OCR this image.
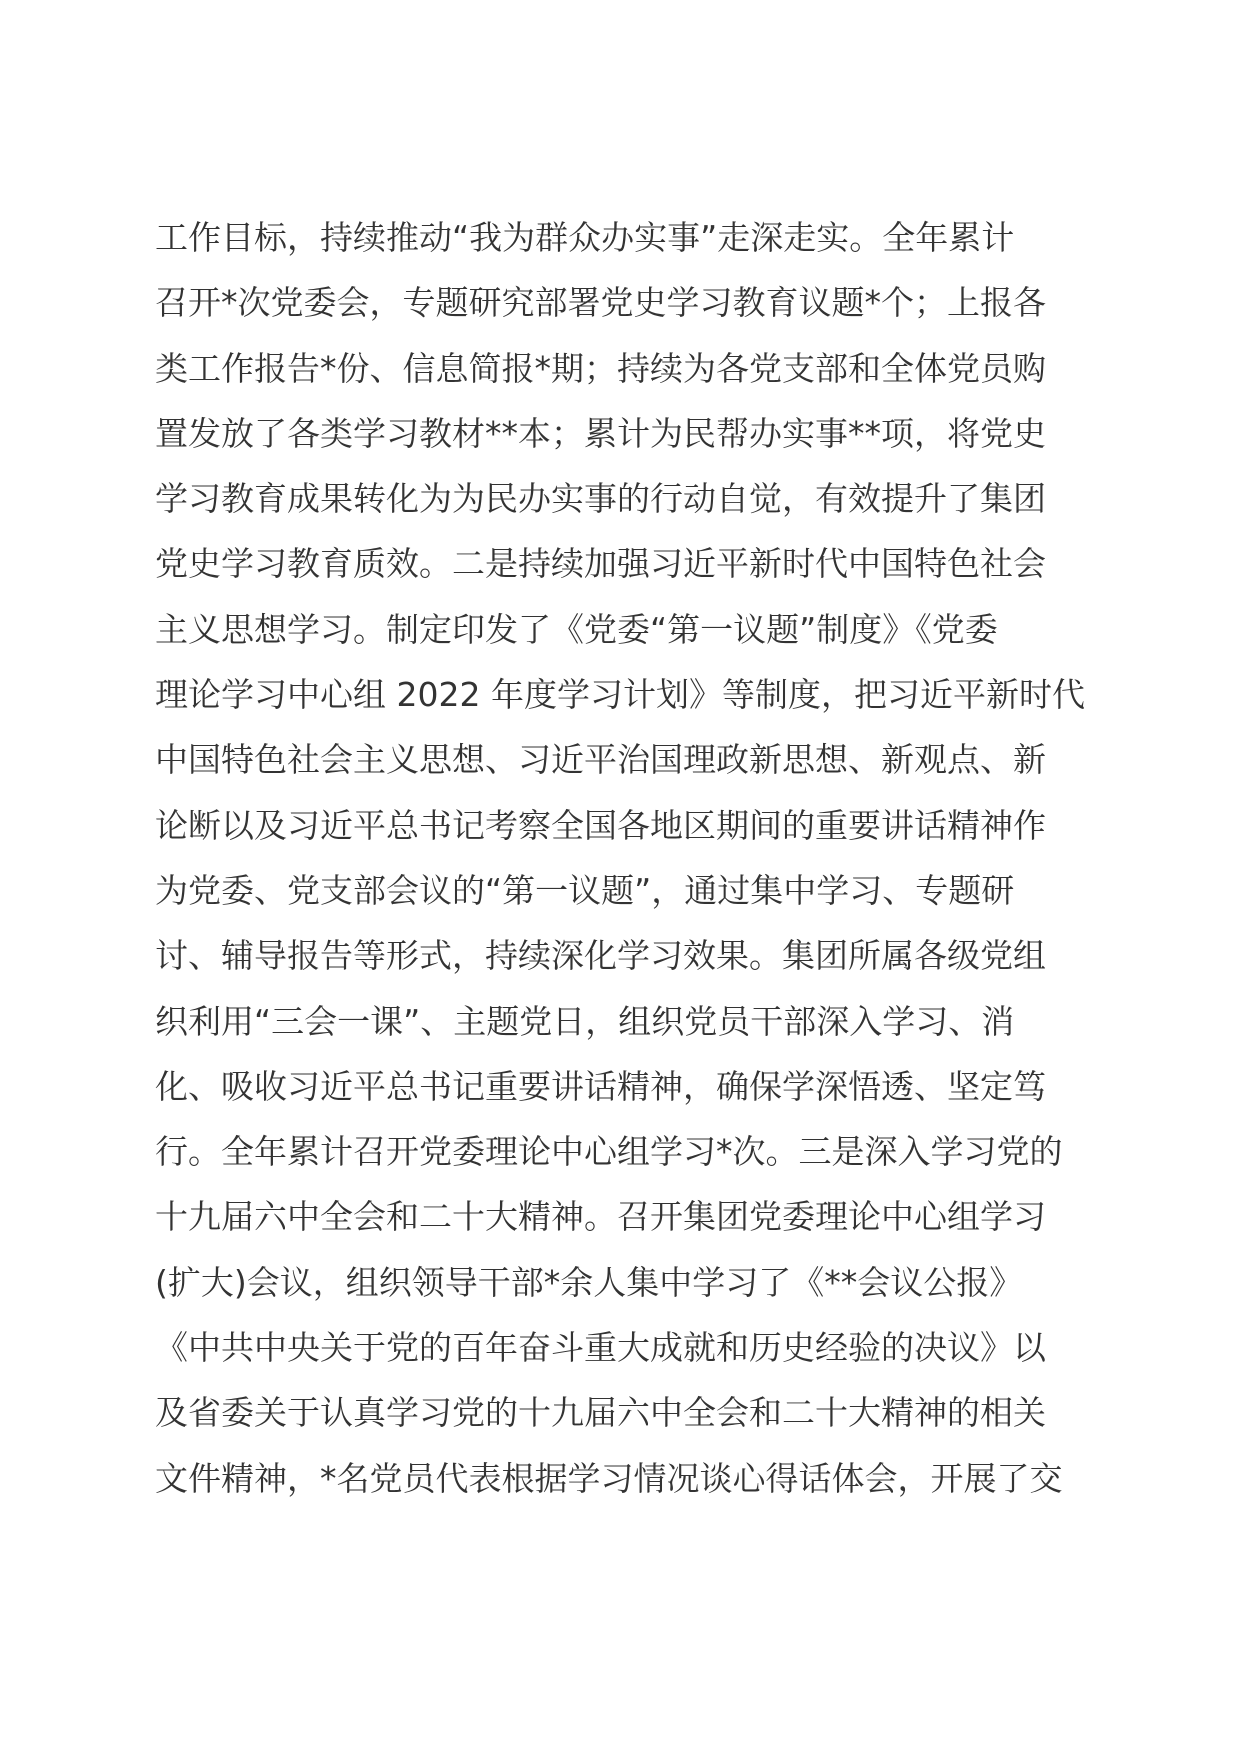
工作目标，持续推动“我为群众办实事”走深走实。全年累计
召开*次党委会，专题研究部署党史学习教育议题*个；上报各
类工作报告*份、信息简报*期；持续为各党支部和全体党员购
置发放了各类学习教材**本；累计为民帮办实事**项，将党史
学习教育成果转化为为民办实事的行动自觉，有效提升了集团
党史学习教育质效。二是持续加强习近平新时代中国特色社会
主义思想学习。制定印发了《党委“第一议题”制度》《党委
理论学习中心组 2022 年度学习计划》等制度，把习近平新时代
中国特色社会主义思想、习近平治国理政新思想、新观点、新
论断以及习近平总书记考察全国各地区期间的重要讲话精神作
为党委、党支部会议的“第一议题”，通过集中学习、专题研
讨、辅导报告等形式，持续深化学习效果。集团所属各级党组
织利用“三会一课”、主题党日，组织党员干部深入学习、消
化、吸收习近平总书记重要讲话精神，确保学深悟透、坚定笃
行。全年累计召开党委理论中心组学习*次。三是深入学习党的
十九届六中全会和二十大精神。召开集团党委理论中心组学习
(扩大)会议，组织领导干部*余人集中学习了《**会议公报》
《中共中央关于党的百年奋斗重大成就和历史经验的决议》以
及省委关于认真学习党的十九届六中全会和二十大精神的相关
文件精神，*名党员代表根据学习情况谈心得话体会，开展了交
